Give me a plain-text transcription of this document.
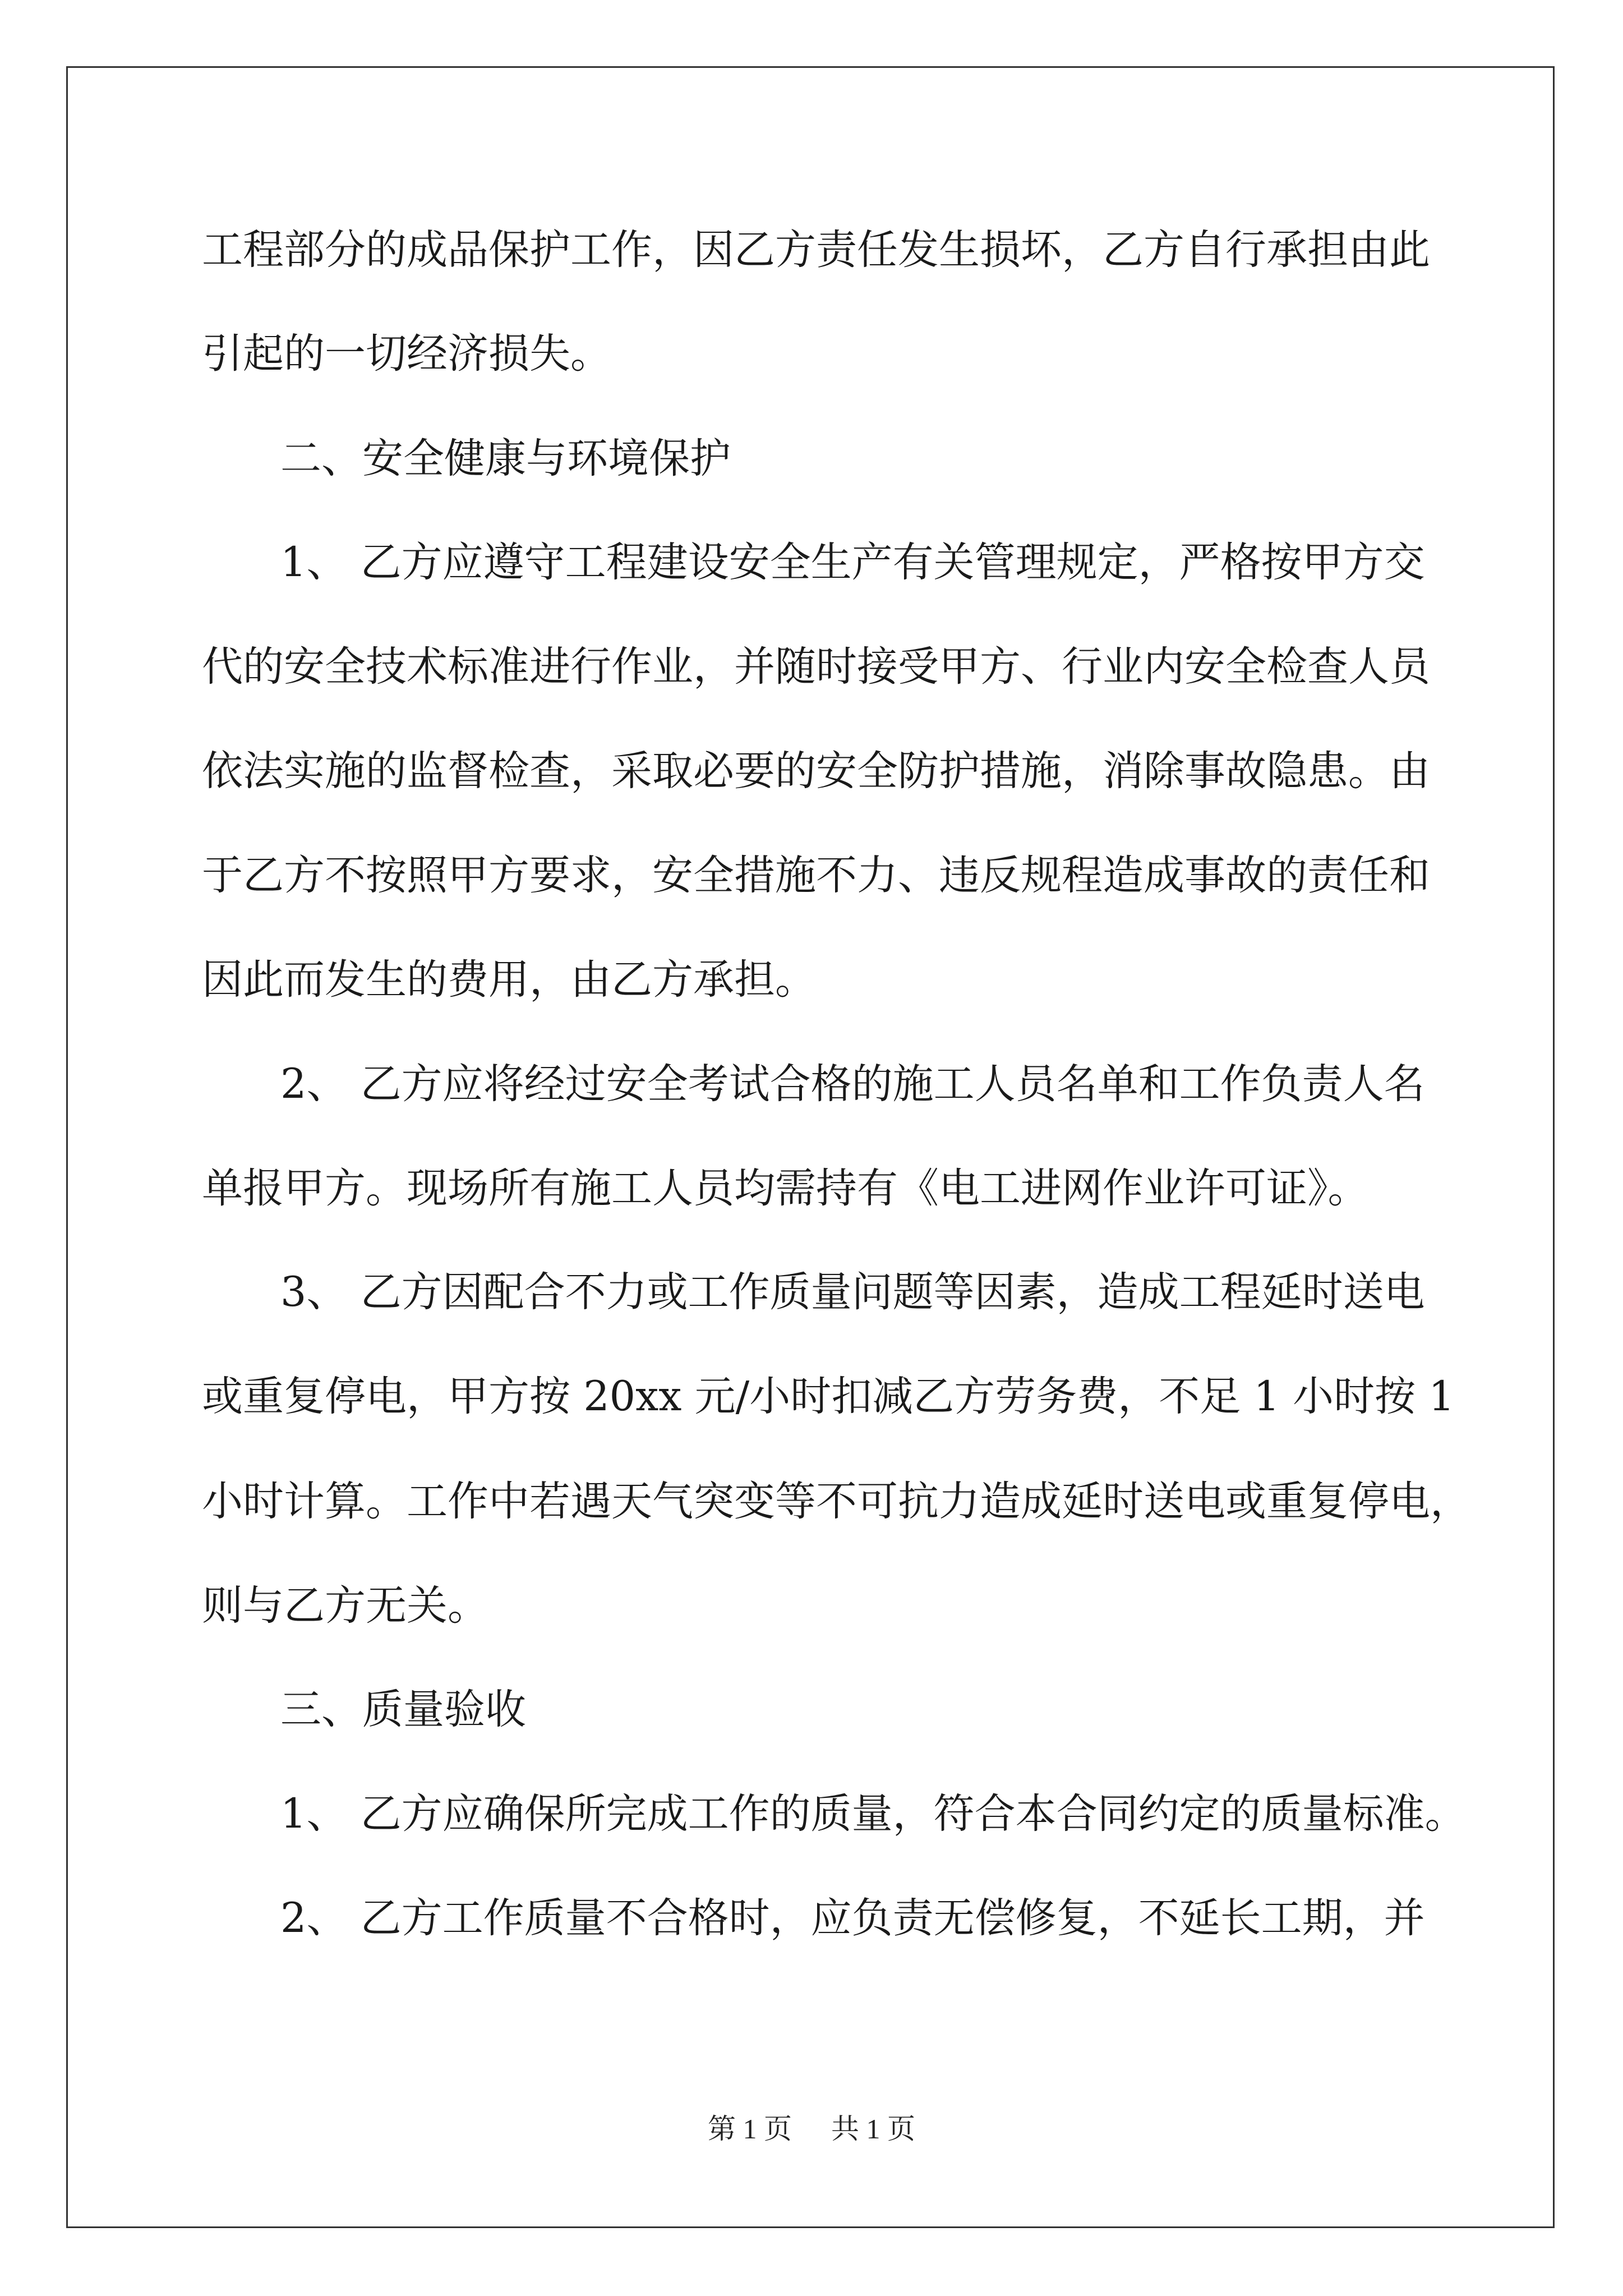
工程部分的成品保护工作，因乙方责任发生损坏，乙方自行承担由此
引起的一切经济损失。
二、安全健康与环境保护
1、 乙方应遵守工程建设安全生产有关管理规定，严格按甲方交
代的安全技术标准进行作业，并随时接受甲方、行业内安全检查人员
依法实施的监督检查，采取必要的安全防护措施，消除事故隐患。由
于乙方不按照甲方要求，安全措施不力、违反规程造成事故的责任和
因此而发生的费用，由乙方承担。
2、 乙方应将经过安全考试合格的施工人员名单和工作负责人名
单报甲方。现场所有施工人员均需持有《电工进网作业许可证》。
3、 乙方因配合不力或工作质量问题等因素，造成工程延时送电
或重复停电，甲方按 20xx 元/小时扣减乙方劳务费，不足 1 小时按 1
小时计算。工作中若遇天气突变等不可抗力造成延时送电或重复停电，
则与乙方无关。
三、质量验收
1、 乙方应确保所完成工作的质量，符合本合同约定的质量标准。
2、 乙方工作质量不合格时，应负责无偿修复，不延长工期，并
第 1 页 共 1 页
